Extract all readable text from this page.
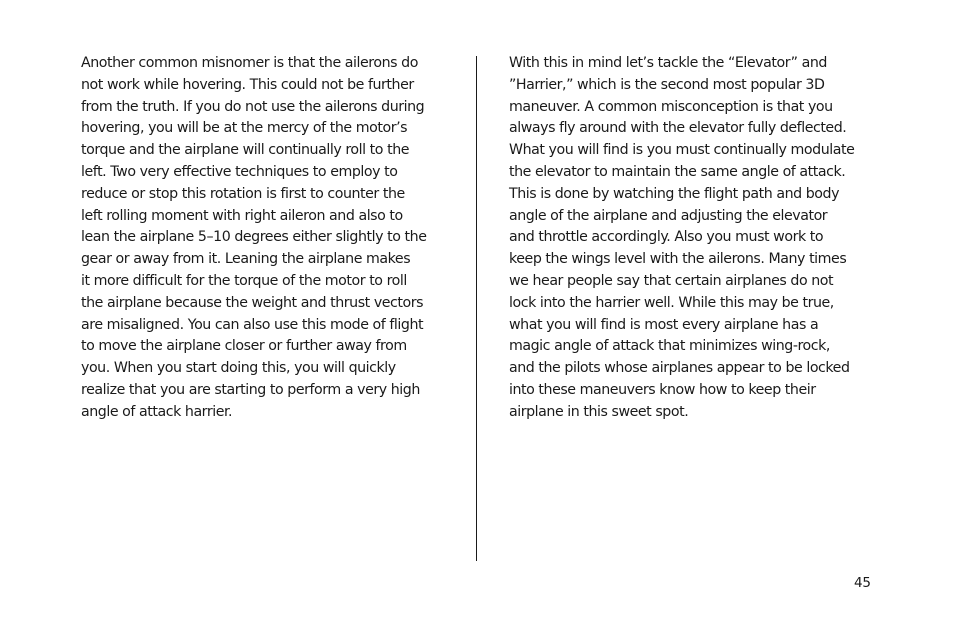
Another common misnomer is that the ailerons do
not work while hovering. This could not be further
from the truth. If you do not use the ailerons during
hovering, you will be at the mercy of the motor’s
torque and the airplane will continually roll to the
left. Two very effective techniques to employ to
reduce or stop this rotation is first to counter the
left rolling moment with right aileron and also to
lean the airplane 5–10 degrees either slightly to the
gear or away from it. Leaning the airplane makes
it more difficult for the torque of the motor to roll
the airplane because the weight and thrust vectors
are misaligned. You can also use this mode of flight
to move the airplane closer or further away from
you. When you start doing this, you will quickly
realize that you are starting to perform a very high
angle of attack harrier.
With this in mind let’s tackle the “Elevator” and
”Harrier,” which is the second most popular 3D
maneuver. A common misconception is that you
always fly around with the elevator fully deflected.
What you will find is you must continually modulate
the elevator to maintain the same angle of attack.
This is done by watching the flight path and body
angle of the airplane and adjusting the elevator
and throttle accordingly. Also you must work to
keep the wings level with the ailerons. Many times
we hear people say that certain airplanes do not
lock into the harrier well. While this may be true,
what you will find is most every airplane has a
magic angle of attack that minimizes wing-rock,
and the pilots whose airplanes appear to be locked
into these maneuvers know how to keep their
airplane in this sweet spot.
45
